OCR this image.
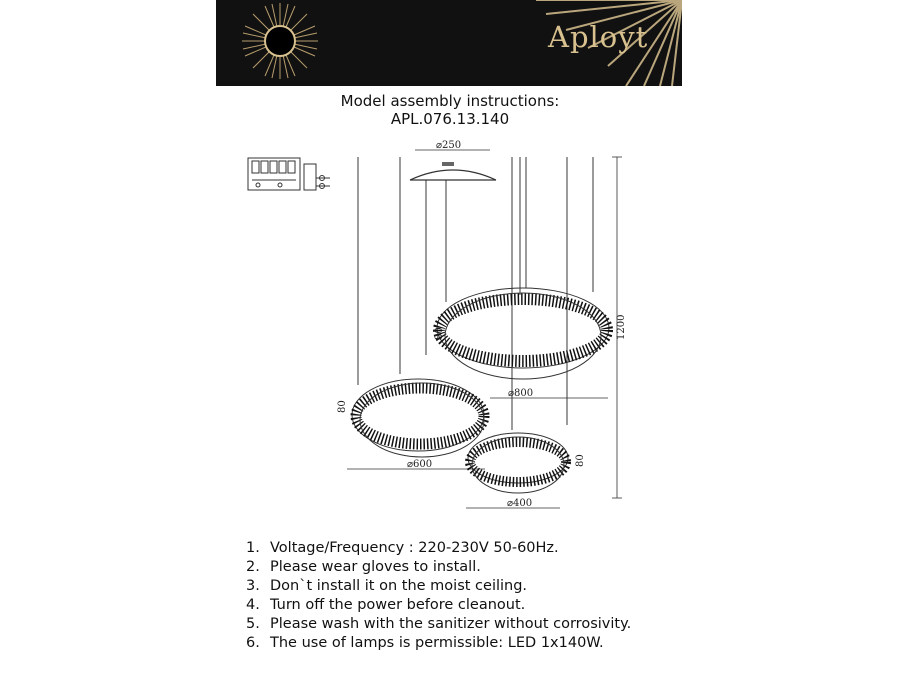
Aployt
Model assembly instructions:
APL.076.13.140
⌀250
⌀800
80	1200
⌀600
80
⌀400
80
1. Voltage/Frequency : 220-230V 50-60Hz.
2. Please wear gloves to install.
3. Don`t install it on the moist ceiling.
4. Turn off the power before cleanout.
5. Please wash with the sanitizer without corrosivity.
6. The use of lamps is permissible: LED 1x140W.
